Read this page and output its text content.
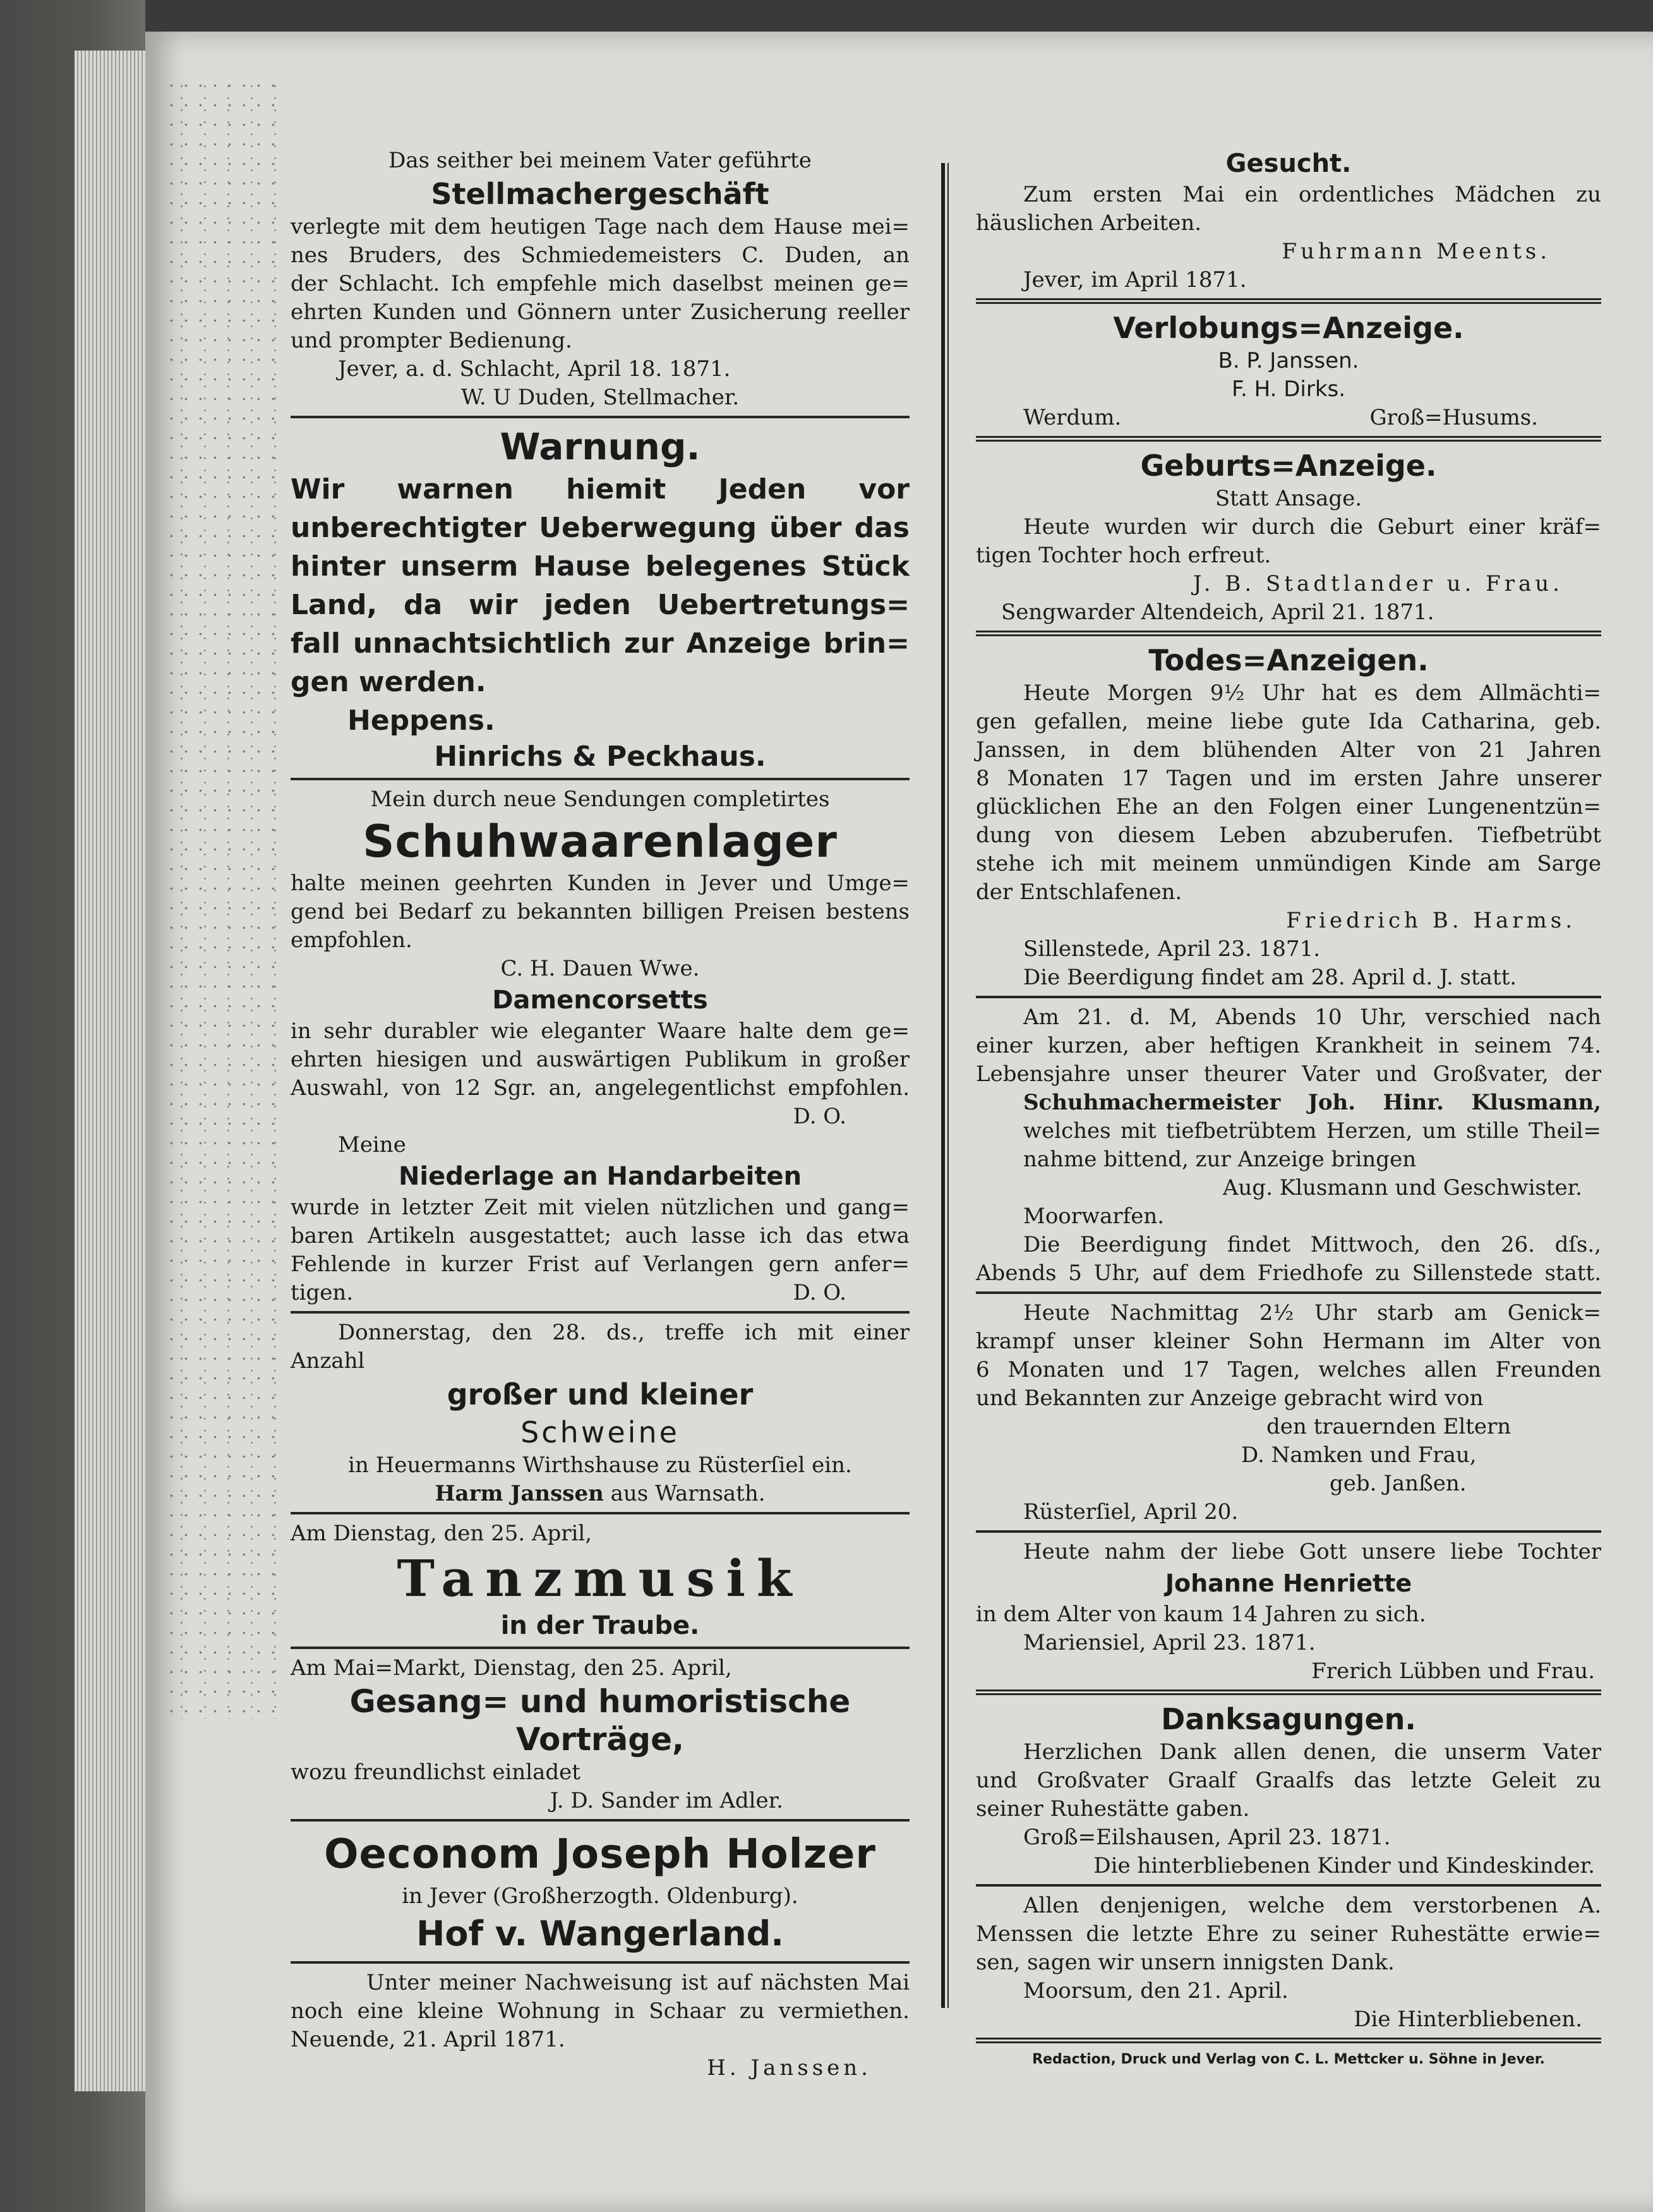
Das seither bei meinem Vater geführte
Stellmachergeschäft
verlegte mit dem heutigen Tage nach dem Hause mei=
nes Bruders, des Schmiedemeisters C. Duden, an
der Schlacht. Ich empfehle mich daselbst meinen ge=
ehrten Kunden und Gönnern unter Zusicherung reeller
und prompter Bedienung.
Jever, a. d. Schlacht, April 18. 1871.
W. U Duden, Stellmacher.
Warnung.
Wir warnen hiemit Jeden vor
unberechtigter Ueberwegung über das
hinter unserm Hause belegenes Stück
Land, da wir jeden Uebertretungs=
fall unnachtsichtlich zur Anzeige brin=
gen werden.
Heppens.
Hinrichs & Peckhaus.
Mein durch neue Sendungen completirtes
Schuhwaarenlager
halte meinen geehrten Kunden in Jever und Umge=
gend bei Bedarf zu bekannten billigen Preisen bestens
empfohlen.
C. H. Dauen Wwe.
Damencorsetts
in sehr durabler wie eleganter Waare halte dem ge=
ehrten hiesigen und auswärtigen Publikum in großer
Auswahl, von 12 Sgr. an, angelegentlichst empfohlen.
D. O.
Meine
Niederlage an Handarbeiten
wurde in letzter Zeit mit vielen nützlichen und gang=
baren Artikeln ausgestattet; auch lasse ich das etwa
Fehlende in kurzer Frist auf Verlangen gern anfer=
tigen.	D. O.
Donnerstag, den 28. ds., treffe ich mit einer
Anzahl
großer und kleiner
Schweine
in Heuermanns Wirthshause zu Rüsterſiel ein.
Harm Janssen aus Warnsath.
Am Dienstag, den 25. April,
Tanzmusik
in der Traube.
Am Mai=Markt, Dienstag, den 25. April,
Gesang= und humoristische
Vorträge,
wozu freundlichst einladet
J. D. Sander im Adler.
Oeconom Joseph Holzer
in Jever (Großherzogth. Oldenburg).
Hof v. Wangerland.
Unter meiner Nachweisung ist auf nächsten Mai
noch eine kleine Wohnung in Schaar zu vermiethen.
Neuende, 21. April 1871.
H. Janssen.
Gesucht.
Zum ersten Mai ein ordentliches Mädchen zu
häuslichen Arbeiten.
Fuhrmann Meents.
Jever, im April 1871.
Verlobungs=Anzeige.
B. P. Janssen.
F. H. Dirks.
Werdum.	Groß=Husums.
Geburts=Anzeige.
Statt Ansage.
Heute wurden wir durch die Geburt einer kräf=
tigen Tochter hoch erfreut.
J. B. Stadtlander u. Frau.
Sengwarder Altendeich, April 21. 1871.
Todes=Anzeigen.
Heute Morgen 9½ Uhr hat es dem Allmächti=
gen gefallen, meine liebe gute Ida Catharina, geb.
Janssen, in dem blühenden Alter von 21 Jahren
8 Monaten 17 Tagen und im ersten Jahre unserer
glücklichen Ehe an den Folgen einer Lungenentzün=
dung von diesem Leben abzuberufen. Tiefbetrübt
stehe ich mit meinem unmündigen Kinde am Sarge
der Entschlafenen.
Friedrich B. Harms.
Sillenstede, April 23. 1871.
Die Beerdigung findet am 28. April d. J. statt.
Am 21. d. M, Abends 10 Uhr, verschied nach
einer kurzen, aber heftigen Krankheit in seinem 74.
Lebensjahre unser theurer Vater und Großvater, der
Schuhmachermeister Joh. Hinr. Klusmann,
welches mit tiefbetrübtem Herzen, um stille Theil=
nahme bittend, zur Anzeige bringen
Aug. Klusmann und Geschwister.
Moorwarfen.
Die Beerdigung findet Mittwoch, den 26. dſs.,
Abends 5 Uhr, auf dem Friedhofe zu Sillenstede statt.
Heute Nachmittag 2½ Uhr starb am Genick=
krampf unser kleiner Sohn Hermann im Alter von
6 Monaten und 17 Tagen, welches allen Freunden
und Bekannten zur Anzeige gebracht wird von
den trauernden Eltern
D. Namken und Frau,
geb. Janßen.
Rüsterſiel, April 20.
Heute nahm der liebe Gott unsere liebe Tochter
Johanne Henriette
in dem Alter von kaum 14 Jahren zu sich.
Mariensiel, April 23. 1871.
Frerich Lübben und Frau.
Danksagungen.
Herzlichen Dank allen denen, die unserm Vater
und Großvater Graalf Graalfs das letzte Geleit zu
seiner Ruhestätte gaben.
Groß=Eilshausen, April 23. 1871.
Die hinterbliebenen Kinder und Kindeskinder.
Allen denjenigen, welche dem verstorbenen A.
Menssen die letzte Ehre zu seiner Ruhestätte erwie=
sen, sagen wir unsern innigsten Dank.
Moorsum, den 21. April.
Die Hinterbliebenen.
Redaction, Druck und Verlag von C. L. Mettcker u. Söhne in Jever.
